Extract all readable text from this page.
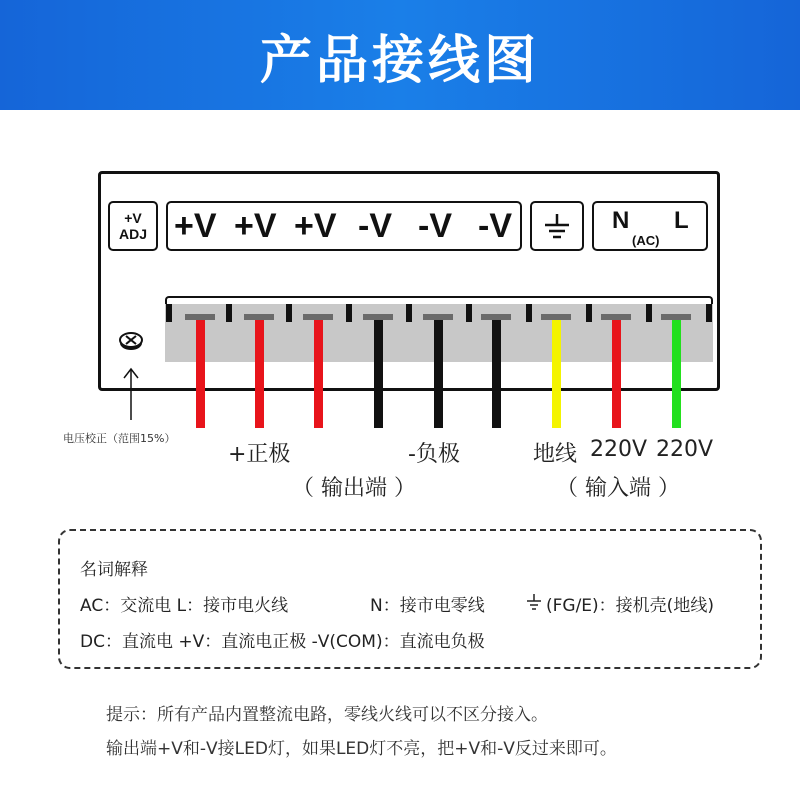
产品接线图
+V
ADJ +V +V +V -V -V -V	N L
(AC)
电压校正（范围15%）
+正极	-负极
（ 输出端 ）
地线 220V 220V
（ 输入端 ）
名词解释
AC：交流电 L：接市电火线	N：接市电零线	(FG/E)：接机壳(地线)
DC：直流电 +V：直流电正极 -V(COM)：直流电负极
提示：所有产品内置整流电路，零线火线可以不区分接入。
输出端+V和-V接LED灯，如果LED灯不亮，把+V和-V反过来即可。
